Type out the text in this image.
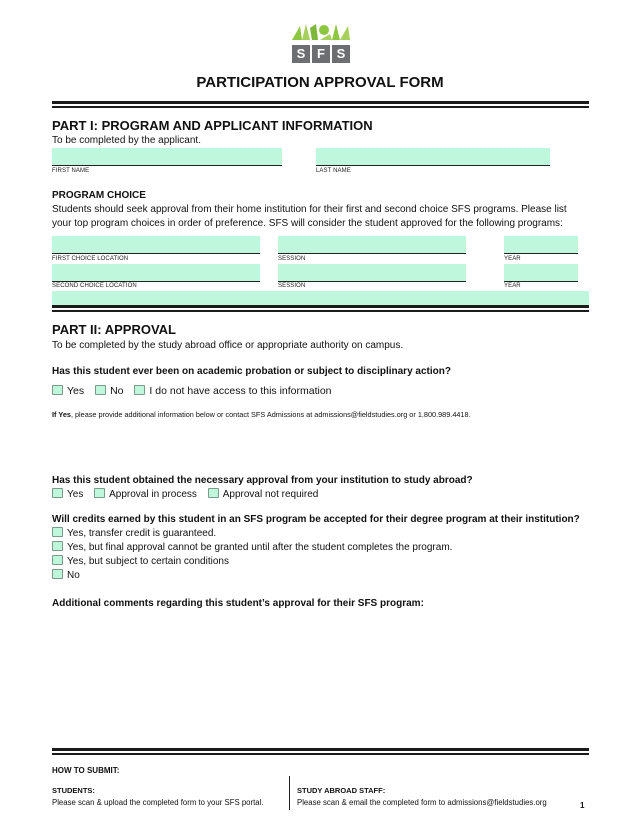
S F S
PARTICIPATION APPROVAL FORM
PART I: PROGRAM AND APPLICANT INFORMATION
To be completed by the applicant.
FIRST NAME	LAST NAME
PROGRAM CHOICE
Students should seek approval from their home institution for their first and second choice SFS programs. Please list
your top program choices in order of preference. SFS will consider the student approved for the following programs:
FIRST CHOICE LOCATION	SESSION	YEAR
SECOND CHOICE LOCATION	SESSION	YEAR
PART II: APPROVAL
To be completed by the study abroad office or appropriate authority on campus.
Has this student ever been on academic probation or subject to disciplinary action?
Yes No I do not have access to this information
If Yes, please provide additional information below or contact SFS Admissions at admissions@fieldstudies.org or 1.800.989.4418.
Has this student obtained the necessary approval from your institution to study abroad?
Yes	Approval in process	Approval not required
Will credits earned by this student in an SFS program be accepted for their degree program at their institution?
Yes, transfer credit is guaranteed.
Yes, but final approval cannot be granted until after the student completes the program.
Yes, but subject to certain conditions
No
Additional comments regarding this student’s approval for their SFS program:
HOW TO SUBMIT:
STUDENTS:
Please scan & upload the completed form to your SFS portal.
STUDY ABROAD STAFF:
Please scan & email the completed form to admissions@fieldstudies.org	1
